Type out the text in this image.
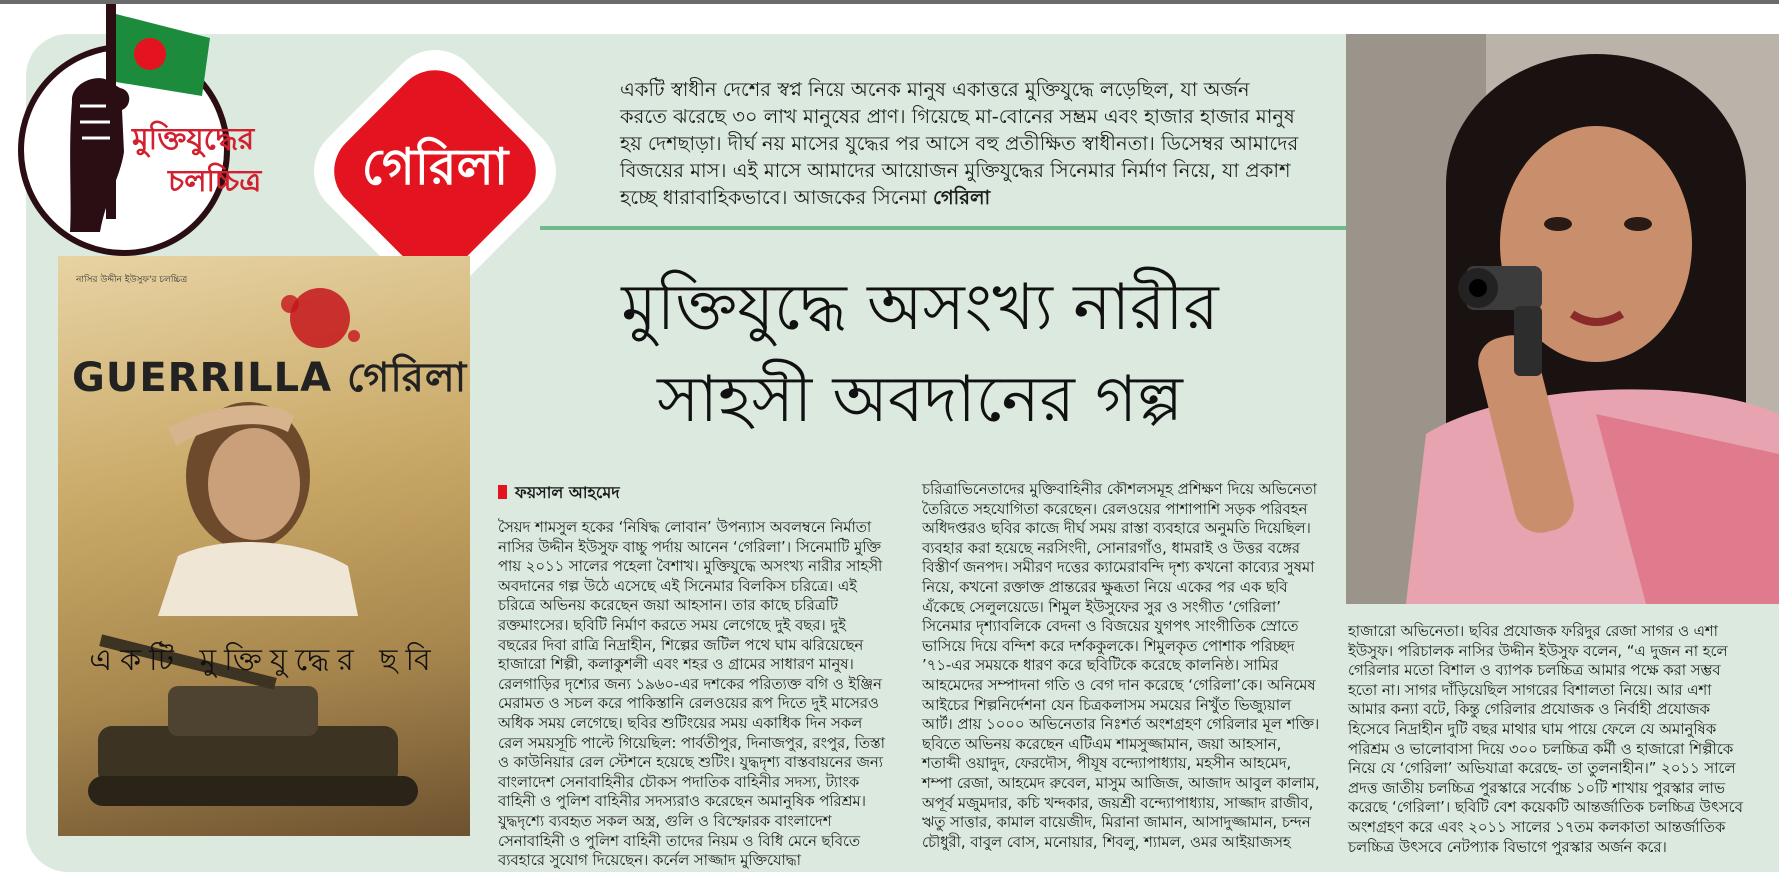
মুক্তিযুদ্ধের
চলচ্চিত্র	গেরিলা
একটি স্বাধীন দেশের স্বপ্ন নিয়ে অনেক মানুষ একাত্তরে মুক্তিযুদ্ধে লড়েছিল, যা অর্জন করতে ঝরেছে ৩০ লাখ মানুষের প্রাণ। গিয়েছে মা-বোনের সম্ভ্রম এবং হাজার হাজার মানুষ হয় দেশছাড়া। দীর্ঘ নয় মাসের যুদ্ধের পর আসে বহু প্রতীক্ষিত স্বাধীনতা। ডিসেম্বর আমাদের বিজয়ের মাস। এই মাসে আমাদের আয়োজন মুক্তিযুদ্ধের সিনেমার নির্মাণ নিয়ে, যা প্রকাশ হচ্ছে ধারাবাহিকভাবে। আজকের সিনেমা গেরিলা
মুক্তিযুদ্ধে অসংখ্য নারীর
সাহসী অবদানের গল্প
নাসির উদ্দীন ইউসুফ'র চলচ্চিত্র
GUERRILLA গেরিলা
একটি মুক্তিযুদ্ধের ছবি
ফয়সাল আহমেদ
সৈয়দ শামসুল হকের ‘নিষিদ্ধ লোবান’ উপন্যাস অবলম্বনে নির্মাতা নাসির উদ্দীন ইউসুফ বাচ্চু পর্দায় আনেন ‘গেরিলা’। সিনেমাটি মুক্তি পায় ২০১১ সালের পহেলা বৈশাখ। মুক্তিযুদ্ধে অসংখ্য নারীর সাহসী অবদানের গল্প উঠে এসেছে এই সিনেমার বিলকিস চরিত্রে। এই চরিত্রে অভিনয় করেছেন জয়া আহসান। তার কাছে চরিত্রটি রক্তমাংসের। ছবিটি নির্মাণ করতে সময় লেগেছে দুই বছর। দুই বছরের দিবা রাত্রি নিদ্রাহীন, শিল্পের জটিল পথে ঘাম ঝরিয়েছেন হাজারো শিল্পী, কলাকুশলী এবং শহর ও গ্রামের সাধারণ মানুষ। রেলগাড়ির দৃশ্যের জন্য ১৯৬০-এর দশকের পরিত্যক্ত বগি ও ইঞ্জিন মেরামত ও সচল করে পাকিস্তানি রেলওয়ের রূপ দিতে দুই মাসেরও অধিক সময় লেগেছে। ছবির শুটিংয়ের সময় একাধিক দিন সকল রেল সময়সূচি পাল্টে গিয়েছিল: পার্বতীপুর, দিনাজপুর, রংপুর, তিস্তা ও কাউনিয়ার রেল স্টেশনে হয়েছে শুটিং। যুদ্ধদৃশ্য বাস্তবায়নের জন্য বাংলাদেশ সেনাবাহিনীর চৌকস পদাতিক বাহিনীর সদস্য, ট্যাংক বাহিনী ও পুলিশ বাহিনীর সদস্যরাও করেছেন অমানুষিক পরিশ্রম। যুদ্ধদৃশ্যে ব্যবহৃত সকল অস্ত্র, গুলি ও বিস্ফোরক বাংলাদেশ সেনাবাহিনী ও পুলিশ বাহিনী তাদের নিয়ম ও বিধি মেনে ছবিতে ব্যবহারে সুযোগ দিয়েছেন। কর্নেল সাজ্জাদ মুক্তিযোদ্ধা
চরিত্রাভিনেতাদের মুক্তিবাহিনীর কৌশলসমূহ প্রশিক্ষণ দিয়ে অভিনেতা তৈরিতে সহযোগিতা করেছেন। রেলওয়ের পাশাপাশি সড়ক পরিবহন অধিদপ্তরও ছবির কাজে দীর্ঘ সময় রাস্তা ব্যবহারে অনুমতি দিয়েছিল। ব্যবহার করা হয়েছে নরসিংদী, সোনারগাঁও, ধামরাই ও উত্তর বঙ্গের বিস্তীর্ণ জনপদ। সমীরণ দত্তের ক্যামেরাবন্দি দৃশ্য কখনো কাব্যের সুষমা নিয়ে, কখনো রক্তাক্ত প্রান্তরের ক্ষুব্ধতা নিয়ে একের পর এক ছবি এঁকেছে সেলুলয়েডে। শিমুল ইউসুফের সুর ও সংগীত ‘গেরিলা’ সিনেমার দৃশ্যাবলিকে বেদনা ও বিজয়ের যুগপৎ সাংগীতিক স্রোতে ভাসিয়ে দিয়ে বন্দিশ করে দর্শককুলকে। শিমুলকৃত পোশাক পরিচ্ছদ ’৭১-এর সময়কে ধারণ করে ছবিটিকে করেছে কালনিষ্ঠ। সামির আহমেদের সম্পাদনা গতি ও বেগ দান করেছে ‘গেরিলা’কে। অনিমেষ আইচের শিল্পনির্দেশনা যেন চিত্রকলাসম সময়ের নিখুঁত ভিজ্যুয়াল আর্ট। প্রায় ১০০০ অভিনেতার নিঃশর্ত অংশগ্রহণ গেরিলার মূল শক্তি। ছবিতে অভিনয় করেছেন এটিএম শামসুজ্জামান, জয়া আহসান, শতাব্দী ওয়াদুদ, ফেরদৌস, পীযূষ বন্দ্যোপাধ্যায়, মহসীন আহমেদ, শম্পা রেজা, আহমেদ রুবেল, মাসুম আজিজ, আজাদ আবুল কালাম, অপূর্ব মজুমদার, কচি খন্দকার, জয়শ্রী বন্দ্যোপাধ্যায়, সাজ্জাদ রাজীব, ঋতু সাত্তার, কামাল বায়েজীদ, মিরানা জামান, আসাদুজ্জামান, চন্দন চৌধুরী, বাবুল বোস, মনোয়ার, শিবলু, শ্যামল, ওমর আইয়াজসহ
হাজারো অভিনেতা। ছবির প্রযোজক ফরিদুর রেজা সাগর ও এশা ইউসুফ। পরিচালক নাসির উদ্দীন ইউসুফ বলেন, “এ দুজন না হলে গেরিলার মতো বিশাল ও ব্যাপক চলচ্চিত্র আমার পক্ষে করা সম্ভব হতো না। সাগর দাঁড়িয়েছিল সাগরের বিশালতা নিয়ে। আর এশা আমার কন্যা বটে, কিন্তু গেরিলার প্রযোজক ও নির্বাহী প্রযোজক হিসেবে নিদ্রাহীন দুটি বছর মাথার ঘাম পায়ে ফেলে যে অমানুষিক পরিশ্রম ও ভালোবাসা দিয়ে ৩০০ চলচ্চিত্র কর্মী ও হাজারো শিল্পীকে নিয়ে যে ‘গেরিলা’ অভিযাত্রা করেছে- তা তুলনাহীন।” ২০১১ সালে প্রদত্ত জাতীয় চলচ্চিত্র পুরস্কারে সর্বোচ্চ ১০টি শাখায় পুরস্কার লাভ করেছে ‘গেরিলা’। ছবিটি বেশ কয়েকটি আন্তর্জাতিক চলচ্চিত্র উৎসবে অংশগ্রহণ করে এবং ২০১১ সালের ১৭তম কলকাতা আন্তর্জাতিক চলচ্চিত্র উৎসবে নেটপ্যাক বিভাগে পুরস্কার অর্জন করে।
